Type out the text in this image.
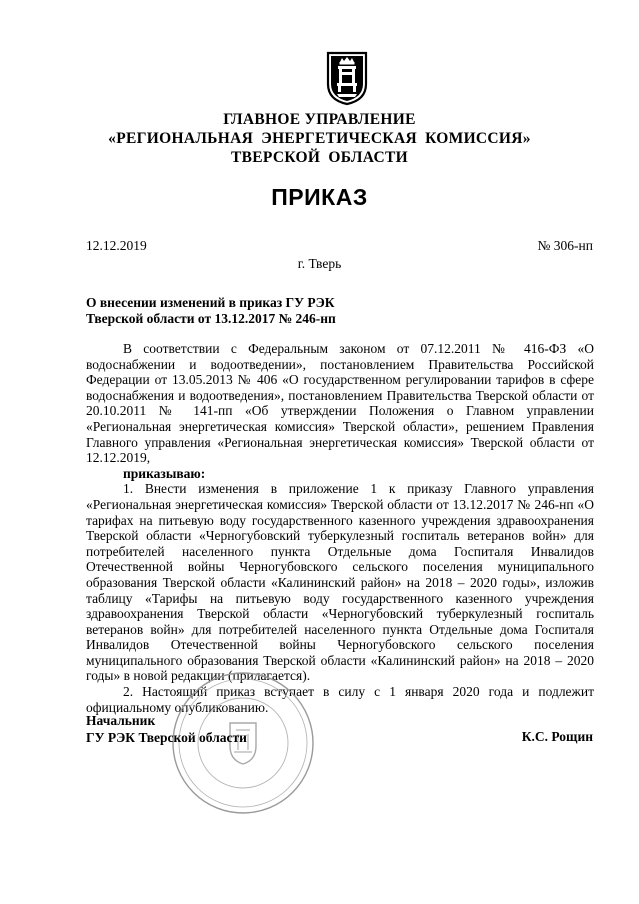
ГЛАВНОЕ УПРАВЛЕНИЕ
«РЕГИОНАЛЬНАЯ ЭНЕРГЕТИЧЕСКАЯ КОМИССИЯ»
ТВЕРСКОЙ ОБЛАСТИ
ПРИКАЗ
12.12.2019	№ 306-нп
г. Тверь
О внесении изменений в приказ ГУ РЭК
Тверской области от 13.12.2017 № 246-нп

В соответствии с Федеральным законом от 07.12.2011 № 416-ФЗ «О водоснабжении и водоотведении», постановлением Правительства Российской Федерации от 13.05.2013 № 406 «О государственном регулировании тарифов в сфере водоснабжения и водоотведения», постановлением Правительства Тверской области от 20.10.2011 № 141-пп «Об утверждении Положения о Главном управлении «Региональная энергетическая комиссия» Тверской области», решением Правления Главного управления «Региональная энергетическая комиссия» Тверской области от 12.12.2019,

приказываю:

1. Внести изменения в приложение 1 к приказу Главного управления «Региональная энергетическая комиссия» Тверской области от 13.12.2017 № 246-нп «О тарифах на питьевую воду государственного казенного учреждения здравоохранения Тверской области «Черногубовский туберкулезный госпиталь ветеранов войн» для потребителей населенного пункта Отдельные дома Госпиталя Инвалидов Отечественной войны Черногубовского сельского поселения муниципального образования Тверской области «Калининский район» на 2018 – 2020 годы», изложив таблицу «Тарифы на питьевую воду государственного казенного учреждения здравоохранения Тверской области «Черногубовский туберкулезный госпиталь ветеранов войн» для потребителей населенного пункта Отдельные дома Госпиталя Инвалидов Отечественной войны Черногубовского сельского поселения муниципального образования Тверской области «Калининский район» на 2018 – 2020 годы» в новой редакции (прилагается).

2. Настоящий приказ вступает в силу с 1 января 2020 года и подлежит официальному опубликованию.

Начальник
ГУ РЭК Тверской области	К.С. Рощин
